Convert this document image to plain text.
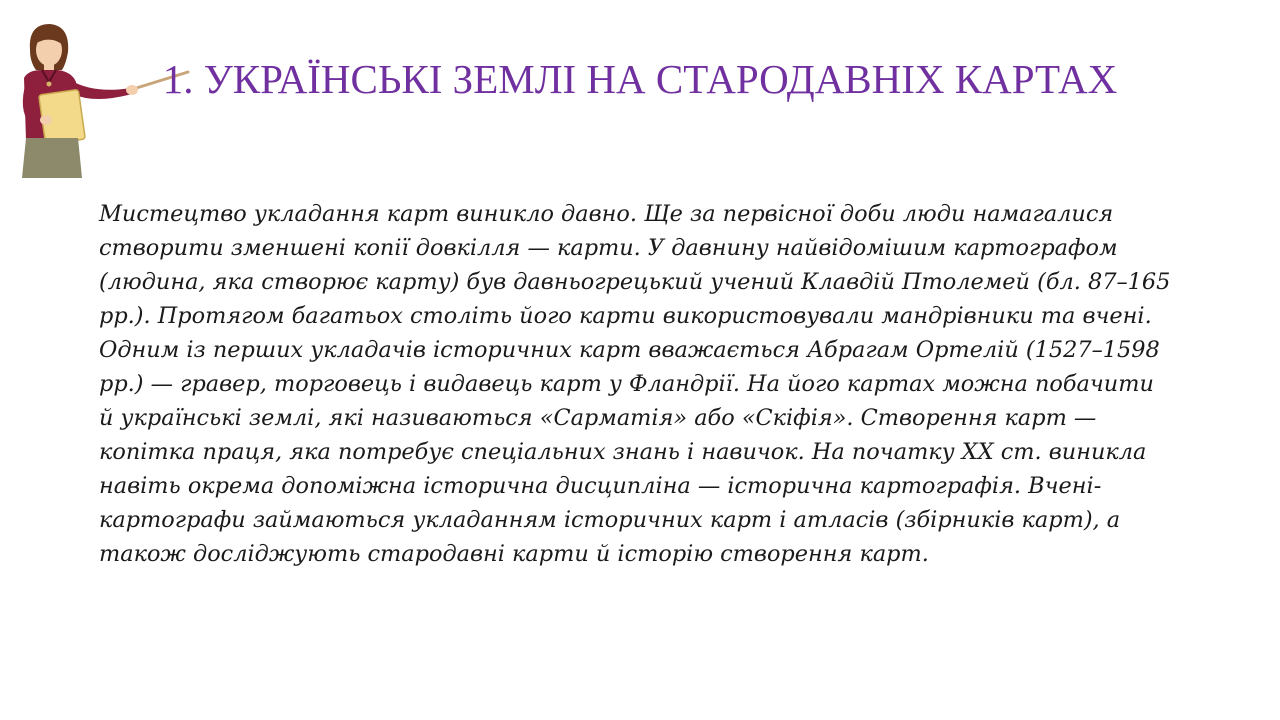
1. УКРАЇНСЬКІ ЗЕМЛІ НА СТАРОДАВНІХ КАРТАХ

Мистецтво укладання карт виникло давно. Ще за первісної доби люди намагалися створити зменшені копії довкілля — карти. У давнину найвідомішим картографом (людина, яка створює карту) був давньогрецький учений Клавдій Птолемей (бл. 87–165 рр.). Протягом багатьох століть його карти використовували мандрівники та вчені. Одним із перших укладачів історичних карт вважається Абрагам Ортелій (1527–1598 рр.) — гравер, торговець і видавець карт у Фландрії. На його картах можна побачити й українські землі, які називаються «Сарматія» або «Скіфія». Створення карт — копітка праця, яка потребує спеціальних знань і навичок. На початку XX ст. виникла навіть окрема допоміжна історична дисципліна — історична картографія. Вчені-картографи займаються укладанням історичних карт і атласів (збірників карт), а також досліджують стародавні карти й історію створення карт.
